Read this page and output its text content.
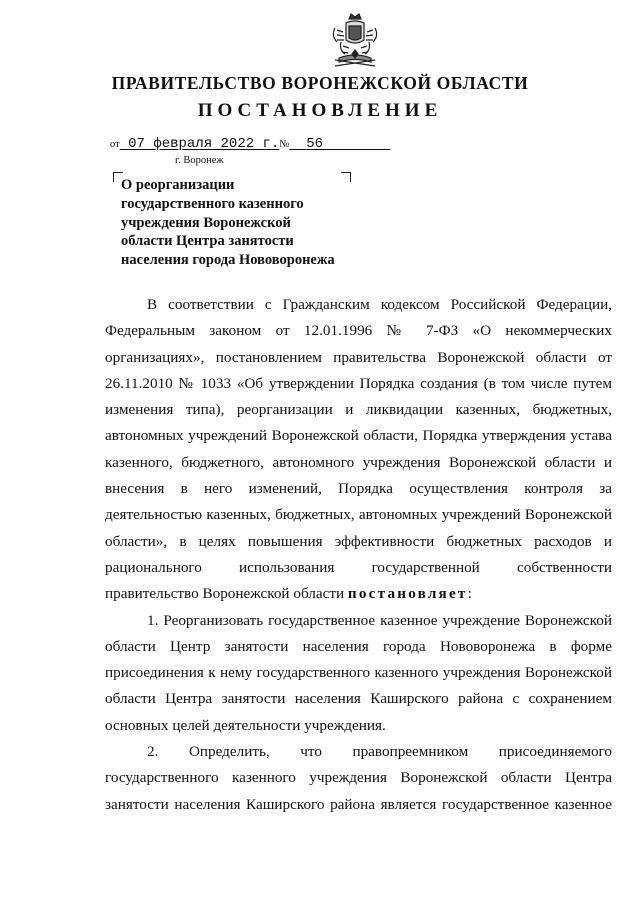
ПРАВИТЕЛЬСТВО ВОРОНЕЖСКОЙ ОБЛАСТИ
ПОСТАНОВЛЕНИЕ
от 07 февраля 2022 г.№ 56
г. Воронеж
О реорганизации
государственного казенного
учреждения Воронежской
области Центра занятости
населения города Нововоронежа
В соответствии с Гражданским кодексом Российской Федерации,
Федеральным законом от 12.01.1996 № 7-ФЗ «О некоммерческих
организациях», постановлением правительства Воронежской области от
26.11.2010 № 1033 «Об утверждении Порядка создания (в том числе путем
изменения типа), реорганизации и ликвидации казенных, бюджетных,
автономных учреждений Воронежской области, Порядка утверждения устава
казенного, бюджетного, автономного учреждения Воронежской области и
внесения в него изменений, Порядка осуществления контроля за
деятельностью казенных, бюджетных, автономных учреждений Воронежской
области», в целях повышения эффективности бюджетных расходов и
рационального использования государственной собственности
правительство Воронежской области постановляет:
1. Реорганизовать государственное казенное учреждение Воронежской
области Центр занятости населения города Нововоронежа в форме
присоединения к нему государственного казенного учреждения Воронежской
области Центра занятости населения Каширского района с сохранением
основных целей деятельности учреждения.
2. Определить, что правопреемником присоединяемого
государственного казенного учреждения Воронежской области Центра
занятости населения Каширского района является государственное казенное
